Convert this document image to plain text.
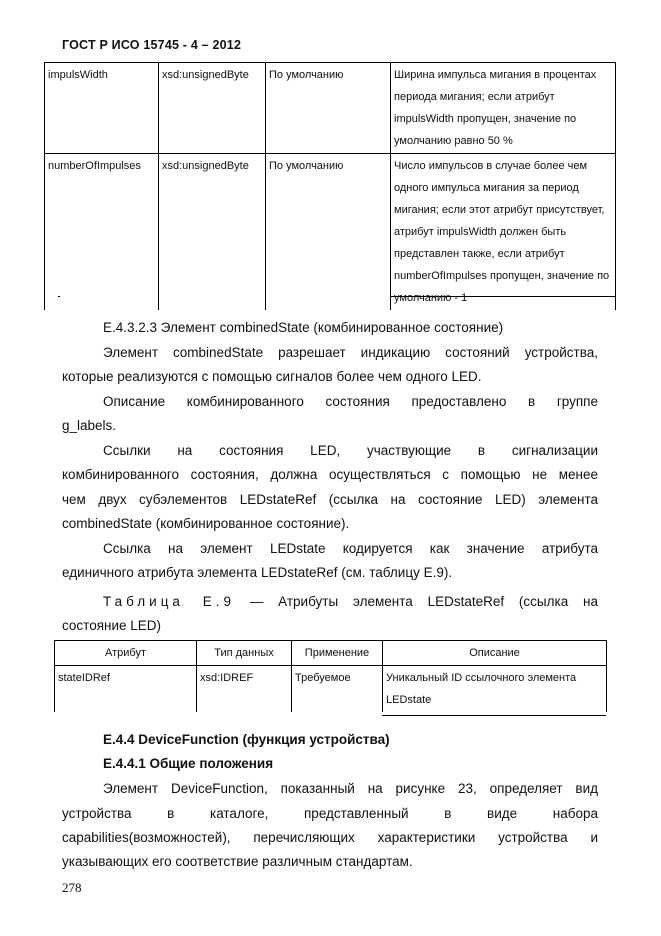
ГОСТ Р ИСО 15745 - 4 – 2012
impulsWidth	xsd:unsignedByte	По умолчанию	Ширина импульса мигания в процентах периода мигания; если атрибут impulsWidth пропущен, значение по умолчанию равно 50 %
numberOfImpulses	xsd:unsignedByte	По умолчанию	Число импульсов в случае более чем одного импульса мигания за период мигания; если этот атрибут присутствует, атрибут impulsWidth должен быть представлен также, если атрибут numberOfImpulses пропущен, значение по умолчанию - 1

Е.4.3.2.3 Элемент combinedState (комбинированное состояние)

Элемент combinedState разрешает индикацию состояний устройства,

которые реализуются с помощью сигналов более чем одного LED.

Описание комбинированного состояния предоставлено в группе

g_labels.

Ссылки на состояния LED, участвующие в сигнализации

комбинированного состояния, должна осуществляться с помощью не менее

чем двух субэлементов LEDstateRef (ссылка на состояние LED) элемента

combinedState (комбинированное состояние).

Ссылка на элемент LEDstate кодируется как значение атрибута

единичного атрибута элемента LEDstateRef (см. таблицу Е.9).

Таблица Е.9 — Атрибуты элемента LEDstateRef (ссылка на

состояние LED)

Атрибут	Тип данных	Применение	Описание
stateIDRef	xsd:IDREF	Требуемое	Уникальный ID ссылочного элемента LEDstate

Е.4.4 DeviceFunction (функция устройства)

Е.4.4.1 Общие положения

Элемент DeviceFunction, показанный на рисунке 23, определяет вид

устройства в каталоге, представленный в виде набора

capabilities(возможностей), перечисляющих характеристики устройства и

указывающих его соответствие различным стандартам.

278
